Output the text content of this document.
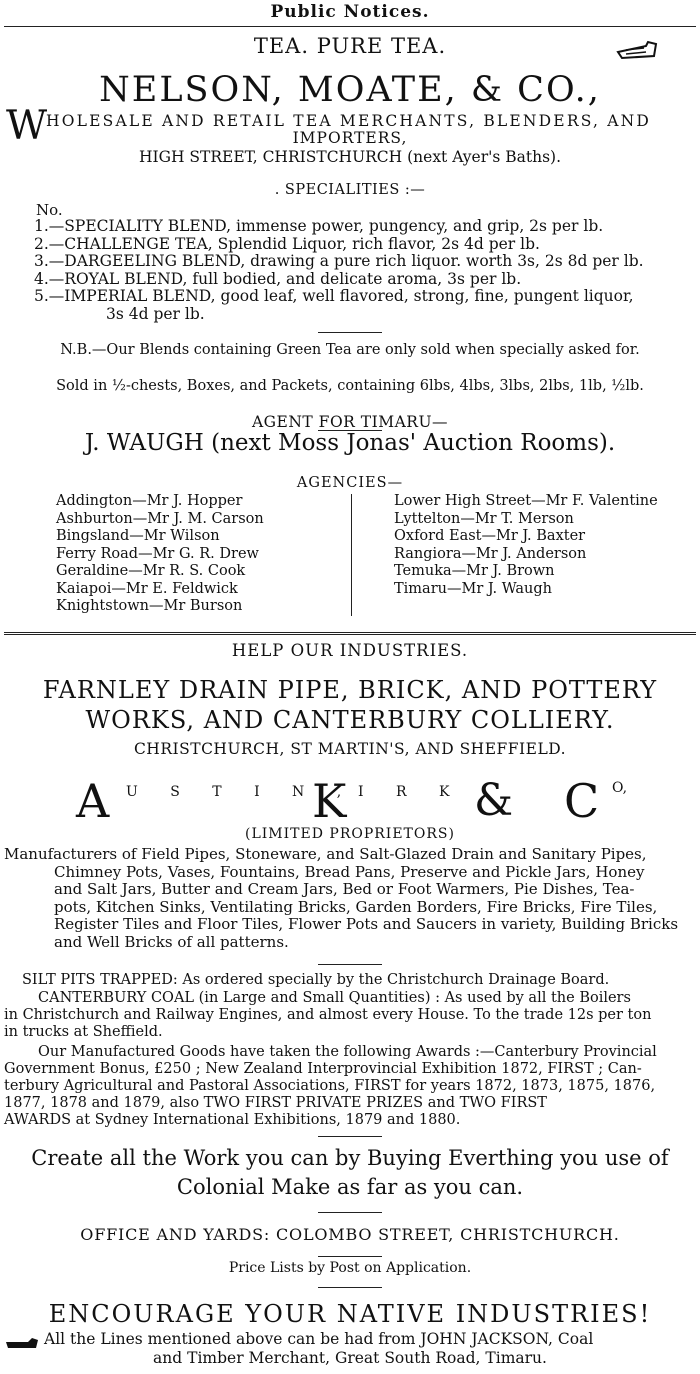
Public Notices.
TEA. PURE TEA.
NELSON, MOATE, & CO.,
W
HOLESALE AND RETAIL TEA MERCHANTS, BLENDERS, AND
IMPORTERS,
HIGH STREET, CHRISTCHURCH (next Ayer's Baths).
. SPECIALITIES :—
No.
1.—SPECIALITY BLEND, immense power, pungency, and grip, 2s per lb.
2.—CHALLENGE TEA, Splendid Liquor, rich flavor, 2s 4d per lb.
3.—DARGEELING BLEND, drawing a pure rich liquor. worth 3s, 2s 8d per lb.
4.—ROYAL BLEND, full bodied, and delicate aroma, 3s per lb.
5.—IMPERIAL BLEND, good leaf, well flavored, strong, fine, pungent liquor,
3s 4d per lb.
N.B.—Our Blends containing Green Tea are only sold when specially asked for.
Sold in ½-chests, Boxes, and Packets, containing 6lbs, 4lbs, 3lbs, 2lbs, 1lb, ½lb.
AGENT FOR TIMARU—
J. WAUGH (next Moss Jonas' Auction Rooms).
AGENCIES—
Addington—Mr J. Hopper
Ashburton—Mr J. M. Carson
Bingsland—Mr Wilson
Ferry Road—Mr G. R. Drew
Geraldine—Mr R. S. Cook
Kaiapoi—Mr E. Feldwick
Knightstown—Mr Burson
Lower High Street—Mr F. Valentine
Lyttelton—Mr T. Merson
Oxford East—Mr J. Baxter
Rangiora—Mr J. Anderson
Temuka—Mr J. Brown
Timaru—Mr J. Waugh
HELP OUR INDUSTRIES.
FARNLEY DRAIN PIPE, BRICK, AND POTTERY
WORKS, AND CANTERBURY COLLIERY.
CHRISTCHURCH, ST MARTIN'S, AND SHEFFIELD.
A U S T I N ,
K I R K & C O,
(LIMITED PROPRIETORS)
Manufacturers of Field Pipes, Stoneware, and Salt-Glazed Drain and Sanitary Pipes,
Chimney Pots, Vases, Fountains, Bread Pans, Preserve and Pickle Jars, Honey
and Salt Jars, Butter and Cream Jars, Bed or Foot Warmers, Pie Dishes, Tea-
pots, Kitchen Sinks, Ventilating Bricks, Garden Borders, Fire Bricks, Fire Tiles,
Register Tiles and Floor Tiles, Flower Pots and Saucers in variety, Building Bricks
and Well Bricks of all patterns.
SILT PITS TRAPPED: As ordered specially by the Christchurch Drainage Board.
CANTERBURY COAL (in Large and Small Quantities) : As used by all the Boilers
in Christchurch and Railway Engines, and almost every House. To the trade 12s per ton
in trucks at Sheffield.
Our Manufactured Goods have taken the following Awards :—Canterbury Provincial
Government Bonus, £250 ; New Zealand Interprovincial Exhibition 1872, FIRST ; Can-
terbury Agricultural and Pastoral Associations, FIRST for years 1872, 1873, 1875, 1876,
1877, 1878 and 1879, also TWO FIRST PRIVATE PRIZES and TWO FIRST
AWARDS at Sydney International Exhibitions, 1879 and 1880.
Create all the Work you can by Buying Everthing you use of
Colonial Make as far as you can.
OFFICE AND YARDS: COLOMBO STREET, CHRISTCHURCH.
Price Lists by Post on Application.
ENCOURAGE YOUR NATIVE INDUSTRIES!
All the Lines mentioned above can be had from JOHN JACKSON, Coal
and Timber Merchant, Great South Road, Timaru.
